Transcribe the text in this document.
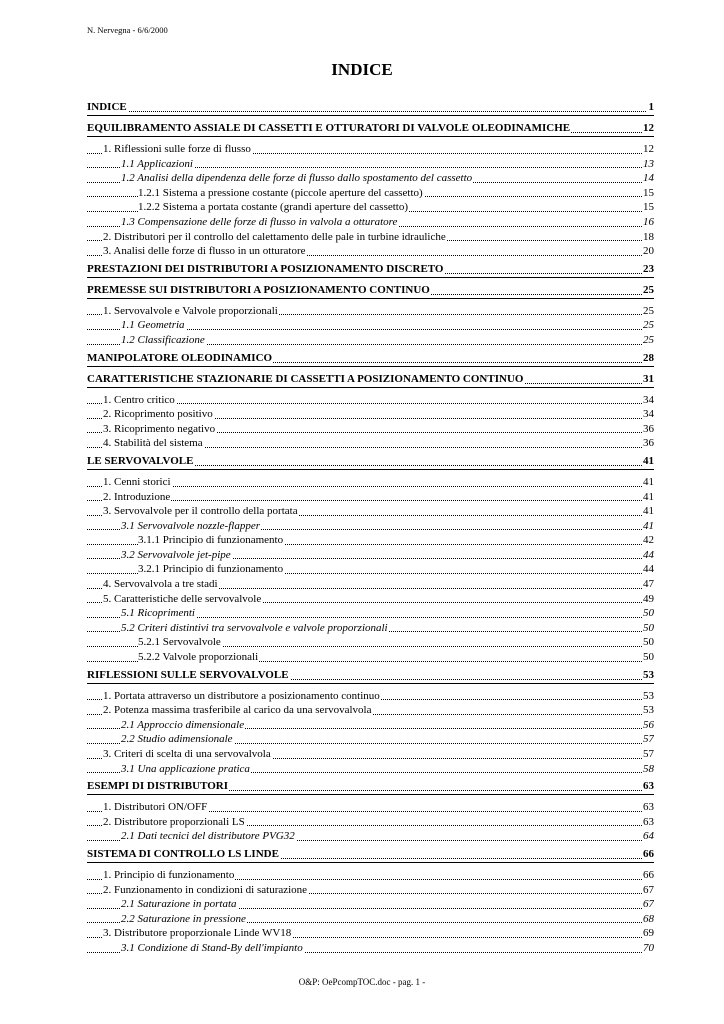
N. Nervegna - 6/6/2000
INDICE
INDICE	1
EQUILIBRAMENTO ASSIALE DI CASSETTI E OTTURATORI DI VALVOLE OLEODINAMICHE	12
1. Riflessioni sulle forze di flusso	12
1.1 Applicazioni	13
1.2 Analisi della dipendenza delle forze di flusso dallo spostamento del cassetto	14
1.2.1 Sistema a pressione costante (piccole aperture del cassetto)	15
1.2.2 Sistema a portata costante (grandi aperture del cassetto)	15
1.3 Compensazione delle forze di flusso in valvola a otturatore	16
2. Distributori per il controllo del calettamento delle pale in turbine idrauliche	18
3. Analisi delle forze di flusso in un otturatore	20
PRESTAZIONI DEI DISTRIBUTORI A POSIZIONAMENTO DISCRETO	23
PREMESSE SUI DISTRIBUTORI A POSIZIONAMENTO CONTINUO	25
1. Servovalvole e Valvole proporzionali	25
1.1 Geometria	25
1.2 Classificazione	25
MANIPOLATORE OLEODINAMICO	28
CARATTERISTICHE STAZIONARIE DI CASSETTI A POSIZIONAMENTO CONTINUO	31
1. Centro critico	34
2. Ricoprimento positivo	34
3. Ricoprimento negativo	36
4. Stabilità del sistema	36
LE SERVOVALVOLE	41
1. Cenni storici	41
2. Introduzione	41
3. Servovalvole per il controllo della portata	41
3.1 Servovalvole nozzle-flapper	41
3.1.1 Principio di funzionamento	42
3.2 Servovalvole jet-pipe	44
3.2.1 Principio di funzionamento	44
4. Servovalvola a tre stadi	47
5. Caratteristiche delle servovalvole	49
5.1 Ricoprimenti	50
5.2 Criteri distintivi tra servovalvole e valvole proporzionali	50
5.2.1 Servovalvole	50
5.2.2 Valvole proporzionali	50
RIFLESSIONI SULLE SERVOVALVOLE	53
1. Portata attraverso un distributore a posizionamento continuo	53
2. Potenza massima trasferibile al carico da una servovalvola	53
2.1 Approccio dimensionale	56
2.2 Studio adimensionale	57
3. Criteri di scelta di una servovalvola	57
3.1 Una applicazione pratica	58
ESEMPI DI DISTRIBUTORI	63
1. Distributori ON/OFF	63
2. Distributore proporzionali LS	63
2.1 Dati tecnici del distributore PVG32	64
SISTEMA DI CONTROLLO LS LINDE	66
1. Principio di funzionamento	66
2. Funzionamento in condizioni di saturazione	67
2.1 Saturazione in portata	67
2.2 Saturazione in pressione	68
3. Distributore proporzionale Linde WV18	69
3.1 Condizione di Stand-By dell'impianto	70
O&P: OePcompTOC.doc - pag. 1 -
